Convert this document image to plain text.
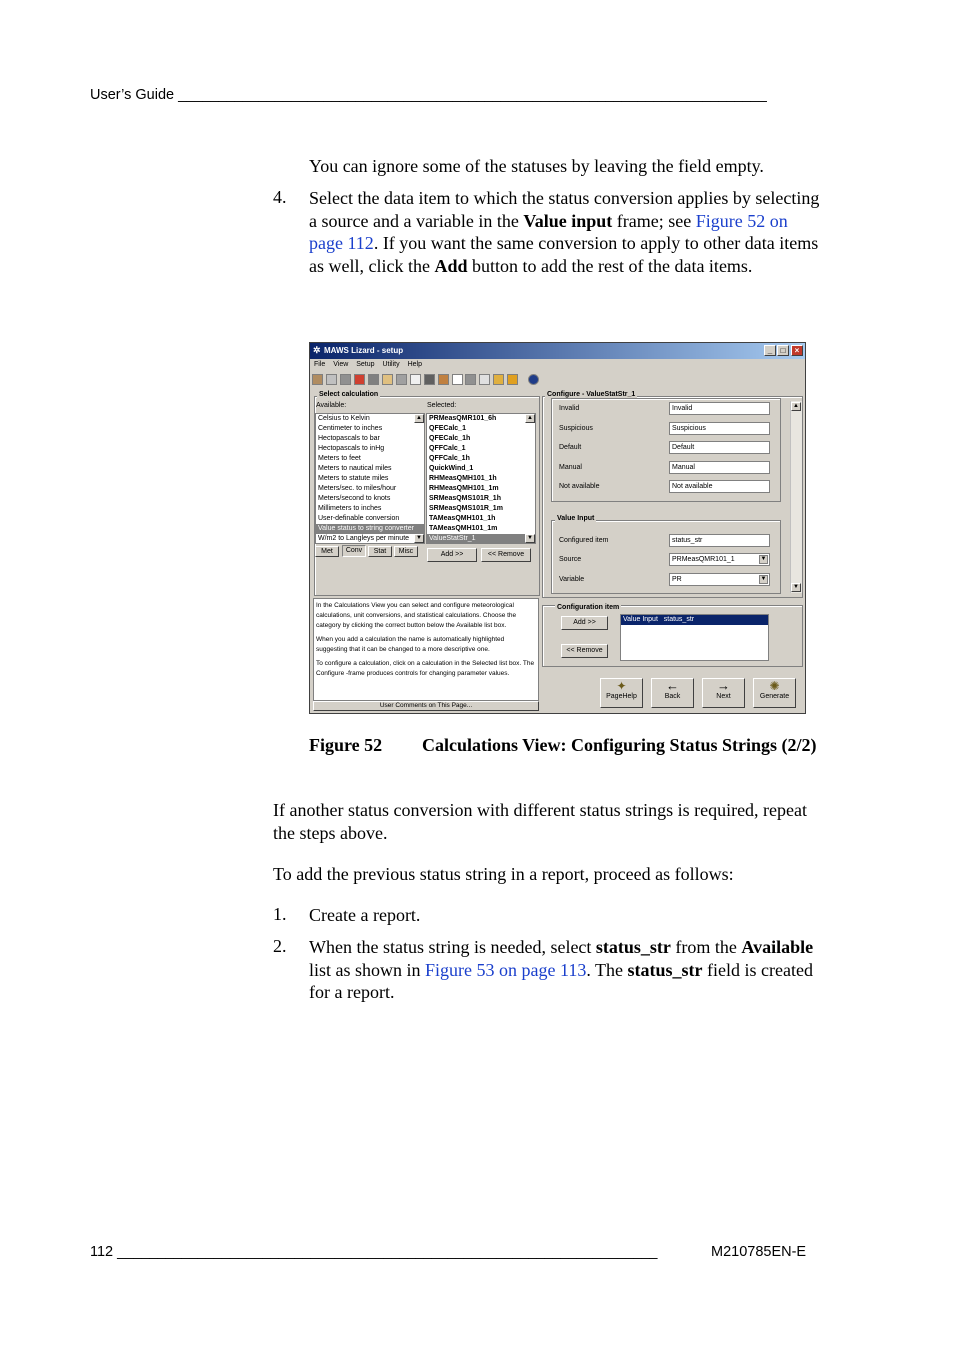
User’s Guide _________________________________________________________________________
You can ignore some of the statuses by leaving the field empty.
4. Select the data item to which the status conversion applies by selecting a source and a variable in the Value input frame; see Figure 52 on page 112. If you want the same conversion to apply to other data items as well, click the Add button to add the rest of the data items.
✲ MAWS Lizard - setup	_	□	×
File View Setup Utility Help

Select calculation
Available:	Selected:
Celsius to Kelvin
Centimeter to inches
Hectopascals to bar
Hectopascals to inHg
Meters to feet
Meters to nautical miles
Meters to statute miles
Meters/sec. to miles/hour
Meters/second to knots
Millimeters to inches
User-definable conversion
Value status to string converter
W/m2 to Langleys per minute
▲
▼
PRMeasQMR101_6h
QFECalc_1
QFECalc_1h
QFFCalc_1
QFFCalc_1h
QuickWind_1
RHMeasQMH101_1h
RHMeasQMH101_1m
SRMeasQMS101R_1h
SRMeasQMS101R_1m
TAMeasQMH101_1h
TAMeasQMH101_1m
ValueStatStr_1
▲
▼
Met	Conv	Stat	Misc	Add >>	<< Remove
In the Calculations View you can select and configure meteorological calculations, unit conversions, and statistical calculations. Choose the category by clicking the correct button below the Available list box.
When you add a calculation the name is automatically highlighted suggesting that it can be changed to a more descriptive one.
To configure a calculation, click on a calculation in the Selected list box. The Configure -frame produces controls for changing parameter values.
User Comments on This Page...
Configure - ValueStatStr_1
▲
▼
Invalid	Invalid
Suspicious	Suspicious
Default	Default
Manual	Manual
Not available	Not available
Value Input
Configured item	status_str
Source	PRMeasQMR101_1	▼
Variable	PR	▼
Configuration item
Add >>
<< Remove
Value Input status_str
✦
PageHelp
←
Back
→
Next
✺
Generate
Figure 52 Calculations View: Configuring Status Strings (2/2)
If another status conversion with different status strings is required, repeat the steps above.
To add the previous status string in a report, proceed as follows:
1. Create a report.
2. When the status string is needed, select status_str from the Available list as shown in Figure 53 on page 113. The status_str field is created for a report.
112 ___________________________________________________________________	M210785EN-E
